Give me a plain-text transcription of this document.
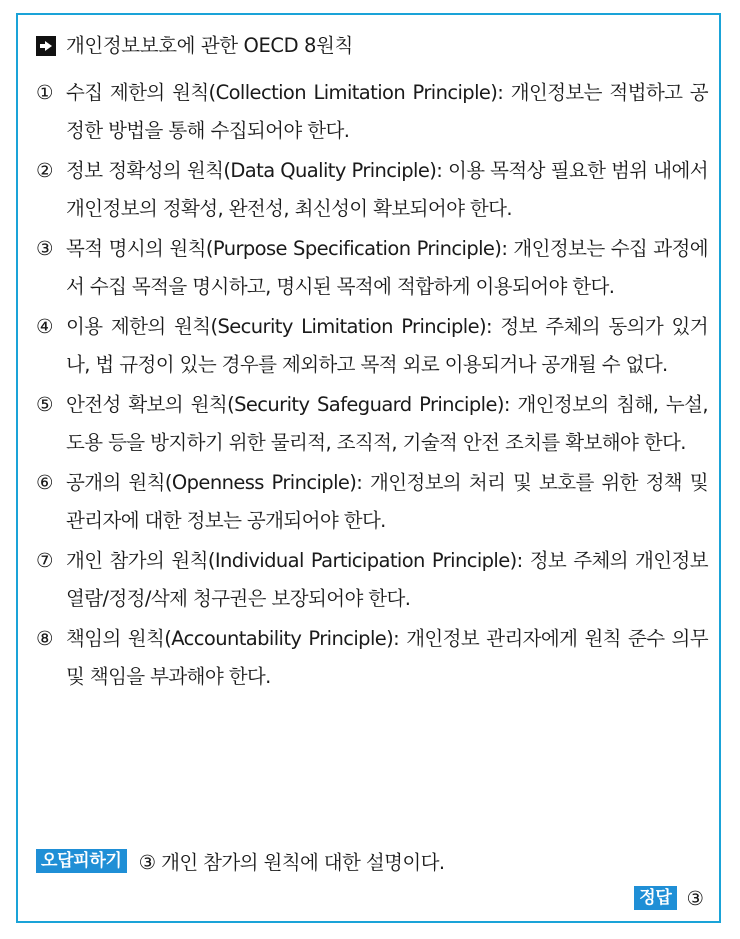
개인정보보호에 관한 OECD 8원칙
① 수집 제한의 원칙(Collection Limitation Principle): 개인정보는 적법하고 공정한 방법을 통해 수집되어야 한다.
② 정보 정확성의 원칙(Data Quality Principle): 이용 목적상 필요한 범위 내에서 개인정보의 정확성, 완전성, 최신성이 확보되어야 한다.
③ 목적 명시의 원칙(Purpose Specification Principle): 개인정보는 수집 과정에서 수집 목적을 명시하고, 명시된 목적에 적합하게 이용되어야 한다.
④ 이용 제한의 원칙(Security Limitation Principle): 정보 주체의 동의가 있거나, 법 규정이 있는 경우를 제외하고 목적 외로 이용되거나 공개될 수 없다.
⑤ 안전성 확보의 원칙(Security Safeguard Principle): 개인정보의 침해, 누설, 도용 등을 방지하기 위한 물리적, 조직적, 기술적 안전 조치를 확보해야 한다.
⑥ 공개의 원칙(Openness Principle): 개인정보의 처리 및 보호를 위한 정책 및 관리자에 대한 정보는 공개되어야 한다.
⑦ 개인 참가의 원칙(Individual Participation Principle): 정보 주체의 개인정보 열람/정정/삭제 청구권은 보장되어야 한다.
⑧ 책임의 원칙(Accountability Principle): 개인정보 관리자에게 원칙 준수 의무 및 책임을 부과해야 한다.
오답피하기 ③ 개인 참가의 원칙에 대한 설명이다.
정답 ③
